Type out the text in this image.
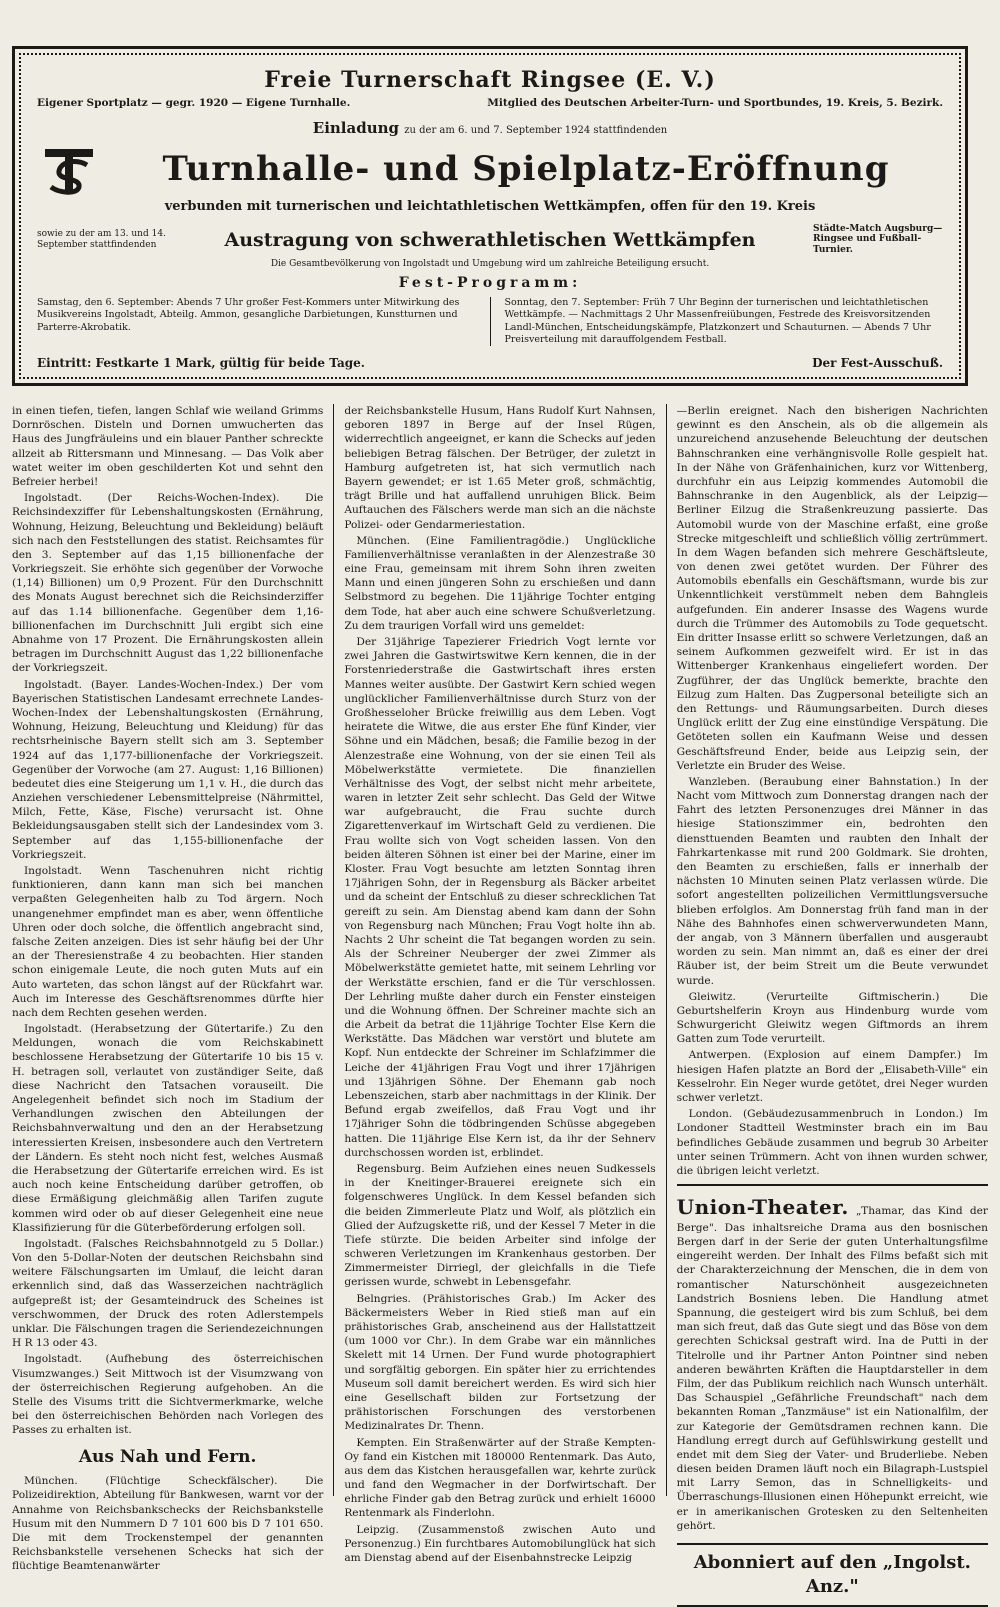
Freie Turnerschaft Ringsee (E. V.)
Eigener Sportplatz — gegr. 1920 — Eigene Turnhalle.	Mitglied des Deutschen Arbeiter-Turn- und Sportbundes, 19. Kreis, 5. Bezirk.
Einladung zu der am 6. und 7. September 1924 stattfindenden
Turnhalle- und Spielplatz-Eröffnung
verbunden mit turnerischen und leichtathletischen Wettkämpfen, offen für den 19. Kreis
sowie zu der am 13. und 14. September stattfindenden	Austragung von schwerathletischen Wettkämpfen	Städte-Match Augsburg—Ringsee und Fußball-Turnier.
Die Gesamtbevölkerung von Ingolstadt und Umgebung wird um zahlreiche Beteiligung ersucht.
Fest-Programm:
Samstag, den 6. September: Abends 7 Uhr großer Fest-Kommers unter Mitwirkung des Musikvereins Ingolstadt, Abteilg. Ammon, gesangliche Darbietungen, Kunstturnen und Parterre-Akrobatik.
Sonntag, den 7. September: Früh 7 Uhr Beginn der turnerischen und leichtathletischen Wettkämpfe. — Nachmittags 2 Uhr Massenfreiübungen, Festrede des Kreisvorsitzenden Landl-München, Entscheidungskämpfe, Platzkonzert und Schauturnen. — Abends 7 Uhr Preisverteilung mit darauffolgendem Festball.
Eintritt: Festkarte 1 Mark, gültig für beide Tage.	Der Fest-Ausschuß.

in einen tiefen, tiefen, langen Schlaf wie weiland Grimms Dornröschen. Disteln und Dornen umwucherten das Haus des Jungfräuleins und ein blauer Panther schreckte allzeit ab Rittersmann und Minnesang. — Das Volk aber watet weiter im oben geschilderten Kot und sehnt den Befreier herbei!

Ingolstadt. (Der Reichs-Wochen-Index). Die Reichsindexziffer für Lebenshaltungskosten (Ernährung, Wohnung, Heizung, Beleuchtung und Bekleidung) beläuft sich nach den Feststellungen des statist. Reichsamtes für den 3. September auf das 1,15 billionenfache der Vorkriegszeit. Sie erhöhte sich gegenüber der Vorwoche (1,14) Billionen) um 0,9 Prozent. Für den Durchschnitt des Monats August berechnet sich die Reichsinderziffer auf das 1.14 billionenfache. Gegenüber dem 1,16-billionenfachen im Durchschnitt Juli ergibt sich eine Abnahme von 17 Prozent. Die Ernährungskosten allein betragen im Durchschnitt August das 1,22 billionenfache der Vorkriegszeit.

Ingolstadt. (Bayer. Landes-Wochen-Index.) Der vom Bayerischen Statistischen Landesamt errechnete Landes-Wochen-Index der Lebenshaltungskosten (Ernährung, Wohnung, Heizung, Beleuchtung und Kleidung) für das rechtsrheinische Bayern stellt sich am 3. September 1924 auf das 1,177-billionenfache der Vorkriegszeit. Gegenüber der Vorwoche (am 27. August: 1,16 Billionen) bedeutet dies eine Steigerung um 1,1 v. H., die durch das Anziehen verschiedener Lebensmittelpreise (Nährmittel, Milch, Fette, Käse, Fische) verursacht ist. Ohne Bekleidungsausgaben stellt sich der Landesindex vom 3. September auf das 1,155-billionenfache der Vorkriegszeit.

Ingolstadt. Wenn Taschenuhren nicht richtig funktionieren, dann kann man sich bei manchen verpaßten Gelegenheiten halb zu Tod ärgern. Noch unangenehmer empfindet man es aber, wenn öffentliche Uhren oder doch solche, die öffentlich angebracht sind, falsche Zeiten anzeigen. Dies ist sehr häufig bei der Uhr an der Theresienstraße 4 zu beobachten. Hier standen schon einigemale Leute, die noch guten Muts auf ein Auto warteten, das schon längst auf der Rückfahrt war. Auch im Interesse des Geschäftsrenommes dürfte hier nach dem Rechten gesehen werden.

Ingolstadt. (Herabsetzung der Gütertarife.) Zu den Meldungen, wonach die vom Reichskabinett beschlossene Herabsetzung der Gütertarife 10 bis 15 v. H. betragen soll, verlautet von zuständiger Seite, daß diese Nachricht den Tatsachen vorauseilt. Die Angelegenheit befindet sich noch im Stadium der Verhandlungen zwischen den Abteilungen der Reichsbahnverwaltung und den an der Herabsetzung interessierten Kreisen, insbesondere auch den Vertretern der Ländern. Es steht noch nicht fest, welches Ausmaß die Herabsetzung der Gütertarife erreichen wird. Es ist auch noch keine Entscheidung darüber getroffen, ob diese Ermäßigung gleichmäßig allen Tarifen zugute kommen wird oder ob auf dieser Gelegenheit eine neue Klassifizierung für die Güterbeförderung erfolgen soll.

Ingolstadt. (Falsches Reichsbahnnotgeld zu 5 Dollar.) Von den 5-Dollar-Noten der deutschen Reichsbahn sind weitere Fälschungsarten im Umlauf, die leicht daran erkennlich sind, daß das Wasserzeichen nachträglich aufgepreßt ist; der Gesamteindruck des Scheines ist verschwommen, der Druck des roten Adlerstempels unklar. Die Fälschungen tragen die Seriendezeichnungen H R 13 oder 43.

Ingolstadt. (Aufhebung des österreichischen Visumzwanges.) Seit Mittwoch ist der Visumzwang von der österreichischen Regierung aufgehoben. An die Stelle des Visums tritt die Sichtvermerkmarke, welche bei den österreichischen Behörden nach Vorlegen des Passes zu erhalten ist.

Aus Nah und Fern.

München. (Flüchtige Scheckfälscher). Die Polizeidirektion, Abteilung für Bankwesen, warnt vor der Annahme von Reichsbankschecks der Reichsbankstelle Husum mit den Nummern D 7 101 600 bis D 7 101 650. Die mit dem Trockenstempel der genannten Reichsbankstelle versehenen Schecks hat sich der flüchtige Beamtenanwärter

der Reichsbankstelle Husum, Hans Rudolf Kurt Nahnsen, geboren 1897 in Berge auf der Insel Rügen, widerrechtlich angeeignet, er kann die Schecks auf jeden beliebigen Betrag fälschen. Der Betrüger, der zuletzt in Hamburg aufgetreten ist, hat sich vermutlich nach Bayern gewendet; er ist 1.65 Meter groß, schmächtig, trägt Brille und hat auffallend unruhigen Blick. Beim Auftauchen des Fälschers werde man sich an die nächste Polizei- oder Gendarmeriestation.

München. (Eine Familientragödie.) Unglückliche Familienverhältnisse veranlaßten in der Alenzestraße 30 eine Frau, gemeinsam mit ihrem Sohn ihren zweiten Mann und einen jüngeren Sohn zu erschießen und dann Selbstmord zu begehen. Die 11jährige Tochter entging dem Tode, hat aber auch eine schwere Schußverletzung. Zu dem traurigen Vorfall wird uns gemeldet:

Der 31jährige Tapezierer Friedrich Vogt lernte vor zwei Jahren die Gastwirtswitwe Kern kennen, die in der Forstenriederstraße die Gastwirtschaft ihres ersten Mannes weiter ausübte. Der Gastwirt Kern schied wegen unglücklicher Familienverhältnisse durch Sturz von der Großhesseloher Brücke freiwillig aus dem Leben. Vogt heiratete die Witwe, die aus erster Ehe fünf Kinder, vier Söhne und ein Mädchen, besaß; die Familie bezog in der Alenzestraße eine Wohnung, von der sie einen Teil als Möbelwerkstätte vermietete. Die finanziellen Verhältnisse des Vogt, der selbst nicht mehr arbeitete, waren in letzter Zeit sehr schlecht. Das Geld der Witwe war aufgebraucht, die Frau suchte durch Zigarettenverkauf im Wirtschaft Geld zu verdienen. Die Frau wollte sich von Vogt scheiden lassen. Von den beiden älteren Söhnen ist einer bei der Marine, einer im Kloster. Frau Vogt besuchte am letzten Sonntag ihren 17jährigen Sohn, der in Regensburg als Bäcker arbeitet und da scheint der Entschluß zu dieser schrecklichen Tat gereift zu sein. Am Dienstag abend kam dann der Sohn von Regensburg nach München; Frau Vogt holte ihn ab. Nachts 2 Uhr scheint die Tat begangen worden zu sein. Als der Schreiner Neuberger der zwei Zimmer als Möbelwerkstätte gemietet hatte, mit seinem Lehrling vor der Werkstätte erschien, fand er die Tür verschlossen. Der Lehrling mußte daher durch ein Fenster einsteigen und die Wohnung öffnen. Der Schreiner machte sich an die Arbeit da betrat die 11jährige Tochter Else Kern die Werkstätte. Das Mädchen war verstört und blutete am Kopf. Nun entdeckte der Schreiner im Schlafzimmer die Leiche der 41jährigen Frau Vogt und ihrer 17jährigen und 13jährigen Söhne. Der Ehemann gab noch Lebenszeichen, starb aber nachmittags in der Klinik. Der Befund ergab zweifellos, daß Frau Vogt und ihr 17jähriger Sohn die tödbringenden Schüsse abgegeben hatten. Die 11jährige Else Kern ist, da ihr der Sehnerv durchschossen worden ist, erblindet.

Regensburg. Beim Aufziehen eines neuen Sudkessels in der Kneitinger-Brauerei ereignete sich ein folgenschweres Unglück. In dem Kessel befanden sich die beiden Zimmerleute Platz und Wolf, als plötzlich ein Glied der Aufzugskette riß, und der Kessel 7 Meter in die Tiefe stürzte. Die beiden Arbeiter sind infolge der schweren Verletzungen im Krankenhaus gestorben. Der Zimmermeister Dirriegl, der gleichfalls in die Tiefe gerissen wurde, schwebt in Lebensgefahr.

Belngries. (Prähistorisches Grab.) Im Acker des Bäckermeisters Weber in Ried stieß man auf ein prähistorisches Grab, anscheinend aus der Hallstattzeit (um 1000 vor Chr.). In dem Grabe war ein männliches Skelett mit 14 Urnen. Der Fund wurde photographiert und sorgfältig geborgen. Ein später hier zu errichtendes Museum soll damit bereichert werden. Es wird sich hier eine Gesellschaft bilden zur Fortsetzung der prähistorischen Forschungen des verstorbenen Medizinalrates Dr. Thenn.

Kempten. Ein Straßenwärter auf der Straße Kempten-Oy fand ein Kistchen mit 180000 Rentenmark. Das Auto, aus dem das Kistchen herausgefallen war, kehrte zurück und fand den Wegmacher in der Dorfwirtschaft. Der ehrliche Finder gab den Betrag zurück und erhielt 16000 Rentenmark als Finderlohn.

Leipzig. (Zusammenstoß zwischen Auto und Personenzug.) Ein furchtbares Automobilunglück hat sich am Dienstag abend auf der Eisenbahnstrecke Leipzig

—Berlin ereignet. Nach den bisherigen Nachrichten gewinnt es den Anschein, als ob die allgemein als unzureichend anzusehende Beleuchtung der deutschen Bahnschranken eine verhängnisvolle Rolle gespielt hat. In der Nähe von Gräfenhainichen, kurz vor Wittenberg, durchfuhr ein aus Leipzig kommendes Automobil die Bahnschranke in den Augenblick, als der Leipzig—Berliner Eilzug die Straßenkreuzung passierte. Das Automobil wurde von der Maschine erfaßt, eine große Strecke mitgeschleift und schließlich völlig zertrümmert. In dem Wagen befanden sich mehrere Geschäftsleute, von denen zwei getötet wurden. Der Führer des Automobils ebenfalls ein Geschäftsmann, wurde bis zur Unkenntlichkeit verstümmelt neben dem Bahngleis aufgefunden. Ein anderer Insasse des Wagens wurde durch die Trümmer des Automobils zu Tode gequetscht. Ein dritter Insasse erlitt so schwere Verletzungen, daß an seinem Aufkommen gezweifelt wird. Er ist in das Wittenberger Krankenhaus eingeliefert worden. Der Zugführer, der das Unglück bemerkte, brachte den Eilzug zum Halten. Das Zugpersonal beteiligte sich an den Rettungs- und Räumungsarbeiten. Durch dieses Unglück erlitt der Zug eine einstündige Verspätung. Die Getöteten sollen ein Kaufmann Weise und dessen Geschäftsfreund Ender, beide aus Leipzig sein, der Verletzte ein Bruder des Weise.

Wanzleben. (Beraubung einer Bahnstation.) In der Nacht vom Mittwoch zum Donnerstag drangen nach der Fahrt des letzten Personenzuges drei Männer in das hiesige Stationszimmer ein, bedrohten den diensttuenden Beamten und raubten den Inhalt der Fahrkartenkasse mit rund 200 Goldmark. Sie drohten, den Beamten zu erschießen, falls er innerhalb der nächsten 10 Minuten seinen Platz verlassen würde. Die sofort angestellten polizeilichen Vermittlungsversuche blieben erfolglos. Am Donnerstag früh fand man in der Nähe des Bahnhofes einen schwerverwundeten Mann, der angab, von 3 Männern überfallen und ausgeraubt worden zu sein. Man nimmt an, daß es einer der drei Räuber ist, der beim Streit um die Beute verwundet wurde.

Gleiwitz. (Verurteilte Giftmischerin.) Die Geburtshelferin Kroyn aus Hindenburg wurde vom Schwurgericht Gleiwitz wegen Giftmords an ihrem Gatten zum Tode verurteilt.

Antwerpen. (Explosion auf einem Dampfer.) Im hiesigen Hafen platzte an Bord der „Elisabeth-Ville" ein Kesselrohr. Ein Neger wurde getötet, drei Neger wurden schwer verletzt.

London. (Gebäudezusammenbruch in London.) Im Londoner Stadtteil Westminster brach ein im Bau befindliches Gebäude zusammen und begrub 30 Arbeiter unter seinen Trümmern. Acht von ihnen wurden schwer, die übrigen leicht verletzt.

Union-Theater. „Thamar, das Kind der Berge". Das inhaltsreiche Drama aus den bosnischen Bergen darf in der Serie der guten Unterhaltungsfilme eingereiht werden. Der Inhalt des Films befaßt sich mit der Charakterzeichnung der Menschen, die in dem von romantischer Naturschönheit ausgezeichneten Landstrich Bosniens leben. Die Handlung atmet Spannung, die gesteigert wird bis zum Schluß, bei dem man sich freut, daß das Gute siegt und das Böse von dem gerechten Schicksal gestraft wird. Ina de Putti in der Titelrolle und ihr Partner Anton Pointner sind neben anderen bewährten Kräften die Hauptdarsteller in dem Film, der das Publikum reichlich nach Wunsch unterhält. Das Schauspiel „Gefährliche Freundschaft" nach dem bekannten Roman „Tanzmäuse" ist ein Nationalfilm, der zur Kategorie der Gemütsdramen rechnen kann. Die Handlung erregt durch auf Gefühlswirkung gestellt und endet mit dem Sieg der Vater- und Bruderliebe. Neben diesen beiden Dramen läuft noch ein Bilagraph-Lustspiel mit Larry Semon, das in Schnelligkeits- und Überraschungs-Illusionen einen Höhepunkt erreicht, wie er in amerikanischen Grotesken zu den Seltenheiten gehört.

Abonniert auf den „Ingolst. Anz."
